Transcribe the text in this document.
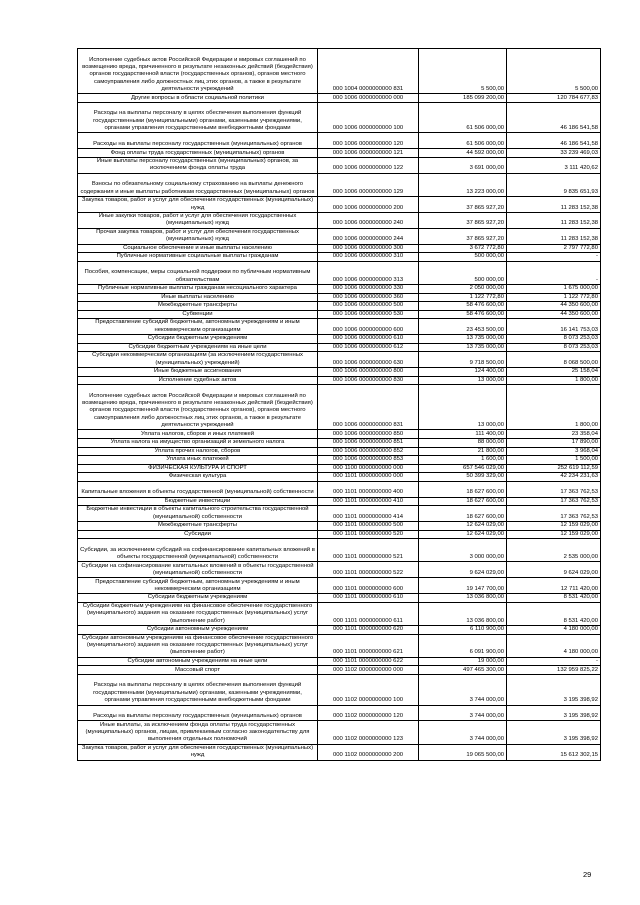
Исполнение судебных актов Российской Федерации и мировых соглашений по возмещению вреда, причиненного в результате незаконных действий (бездействия) органов государственной власти (государственных органов), органов местного самоуправления либо должностных лиц этих органов, а также в результате деятельности учреждений	000 1004 0000000000 831	5 500,00	5 500,00
Другие вопросы в области социальной политики	000 1006 0000000000 000	185 099 200,00	120 784 677,83
Расходы на выплаты персоналу в целях обеспечения выполнения функций государственными (муниципальными) органами, казенными учреждениями, органами управления государственными внебюджетными фондами	000 1006 0000000000 100	61 506 000,00	46 186 541,58
Расходы на выплаты персоналу государственных (муниципальных) органов	000 1006 0000000000 120	61 506 000,00	46 186 541,58
Фонд оплаты труда государственных (муниципальных) органов	000 1006 0000000000 121	44 592 000,00	33 239 469,03
Иные выплаты персоналу государственных (муниципальных) органов, за исключением фонда оплаты труда	000 1006 0000000000 122	3 691 000,00	3 111 420,62
Взносы по обязательному социальному страхованию на выплаты денежного содержания и иные выплаты работникам государственных (муниципальных) органов	000 1006 0000000000 129	13 223 000,00	9 835 651,93
Закупка товаров, работ и услуг для обеспечения государственных (муниципальных) нужд	000 1006 0000000000 200	37 865 927,20	11 283 152,38
Иные закупки товаров, работ и услуг для обеспечения государственных (муниципальных) нужд	000 1006 0000000000 240	37 865 927,20	11 283 152,38
Прочая закупка товаров, работ и услуг для обеспечения государственных (муниципальных) нужд	000 1006 0000000000 244	37 865 927,20	11 283 152,38
Социальное обеспечение и иные выплаты населению	000 1006 0000000000 300	3 672 772,80	2 797 772,80
Публичные нормативные социальные выплаты гражданам	000 1006 0000000000 310	500 000,00	-
Пособия, компенсации, меры социальной поддержки по публичным нормативным обязательствам	000 1006 0000000000 313	500 000,00	-
Публичные нормативные выплаты гражданам несоциального характера	000 1006 0000000000 330	2 050 000,00	1 675 000,00
Иные выплаты населению	000 1006 0000000000 360	1 122 772,80	1 122 772,80
Межбюджетные трансферты	000 1006 0000000000 500	58 476 600,00	44 350 600,00
Субвенции	000 1006 0000000000 530	58 476 600,00	44 350 600,00
Предоставление субсидий бюджетным, автономным учреждениям и иным некоммерческим организациям	000 1006 0000000000 600	23 453 500,00	16 141 753,03
Субсидии бюджетным учреждениям	000 1006 0000000000 610	13 735 000,00	8 073 253,03
Субсидии бюджетным учреждениям на иные цели	000 1006 0000000000 612	13 735 000,00	8 073 253,03
Субсидии некоммерческим организациям (за исключением государственных (муниципальных) учреждений)	000 1006 0000000000 630	9 718 500,00	8 068 500,00
Иные бюджетные ассигнования	000 1006 0000000000 800	124 400,00	25 158,04
Исполнение судебных актов	000 1006 0000000000 830	13 000,00	1 800,00
Исполнение судебных актов Российской Федерации и мировых соглашений по возмещению вреда, причиненного в результате незаконных действий (бездействия) органов государственной власти (государственных органов), органов местного самоуправления либо должностных лиц этих органов, а также в результате деятельности учреждений	000 1006 0000000000 831	13 000,00	1 800,00
Уплата налогов, сборов и иных платежей	000 1006 0000000000 850	111 400,00	23 358,04
Уплата налога на имущество организаций и земельного налога	000 1006 0000000000 851	88 000,00	17 890,00
Уплата прочих налогов, сборов	000 1006 0000000000 852	21 800,00	3 968,04
Уплата иных платежей	000 1006 0000000000 853	1 600,00	1 500,00
ФИЗИЧЕСКАЯ КУЛЬТУРА И СПОРТ	000 1100 0000000000 000	657 546 029,00	252 619 112,59
Физическая культура	000 1101 0000000000 000	50 399 329,00	42 234 231,63
Капитальные вложения в объекты государственной (муниципальной) собственности	000 1101 0000000000 400	18 627 600,00	17 363 762,53
Бюджетные инвестиции	000 1101 0000000000 410	18 627 600,00	17 363 762,53
Бюджетные инвестиции в объекты капитального строительства государственной (муниципальной) собственности	000 1101 0000000000 414	18 627 600,00	17 363 762,53
Межбюджетные трансферты	000 1101 0000000000 500	12 624 029,00	12 159 029,00
Субсидии	000 1101 0000000000 520	12 624 029,00	12 159 029,00
Субсидии, за исключением субсидий на софинансирование капитальных вложений в объекты государственной (муниципальной) собственности	000 1101 0000000000 521	3 000 000,00	2 535 000,00
Субсидии на софинансирование капитальных вложений в объекты государственной (муниципальной) собственности	000 1101 0000000000 522	9 624 029,00	9 624 029,00
Предоставление субсидий бюджетным, автономным учреждениям и иным некоммерческим организациям	000 1101 0000000000 600	19 147 700,00	12 711 420,00
Субсидии бюджетным учреждениям	000 1101 0000000000 610	13 036 800,00	8 531 420,00
Субсидии бюджетным учреждениям на финансовое обеспечение государственного (муниципального) задания на оказание государственных (муниципальных) услуг (выполнение работ)	000 1101 0000000000 611	13 036 800,00	8 531 420,00
Субсидии автономным учреждениям	000 1101 0000000000 620	6 110 900,00	4 180 000,00
Субсидии автономным учреждениям на финансовое обеспечение государственного (муниципального) задания на оказание государственных (муниципальных) услуг (выполнение работ)	000 1101 0000000000 621	6 091 900,00	4 180 000,00
Субсидии автономным учреждениям на иные цели	000 1101 0000000000 622	19 000,00	-
Массовый спорт	000 1102 0000000000 000	497 465 300,00	132 959 825,22
Расходы на выплаты персоналу в целях обеспечения выполнения функций государственными (муниципальными) органами, казенными учреждениями, органами управления государственными внебюджетными фондами	000 1102 0000000000 100	3 744 000,00	3 195 398,92
Расходы на выплаты персоналу государственных (муниципальных) органов	000 1102 0000000000 120	3 744 000,00	3 195 398,92
Иные выплаты, за исключением фонда оплаты труда государственных (муниципальных) органов, лицам, привлекаемым согласно законодательству для выполнения отдельных полномочий	000 1102 0000000000 123	3 744 000,00	3 195 398,92
Закупка товаров, работ и услуг для обеспечения государственных (муниципальных) нужд	000 1102 0000000000 200	19 065 500,00	15 612 302,15
29
